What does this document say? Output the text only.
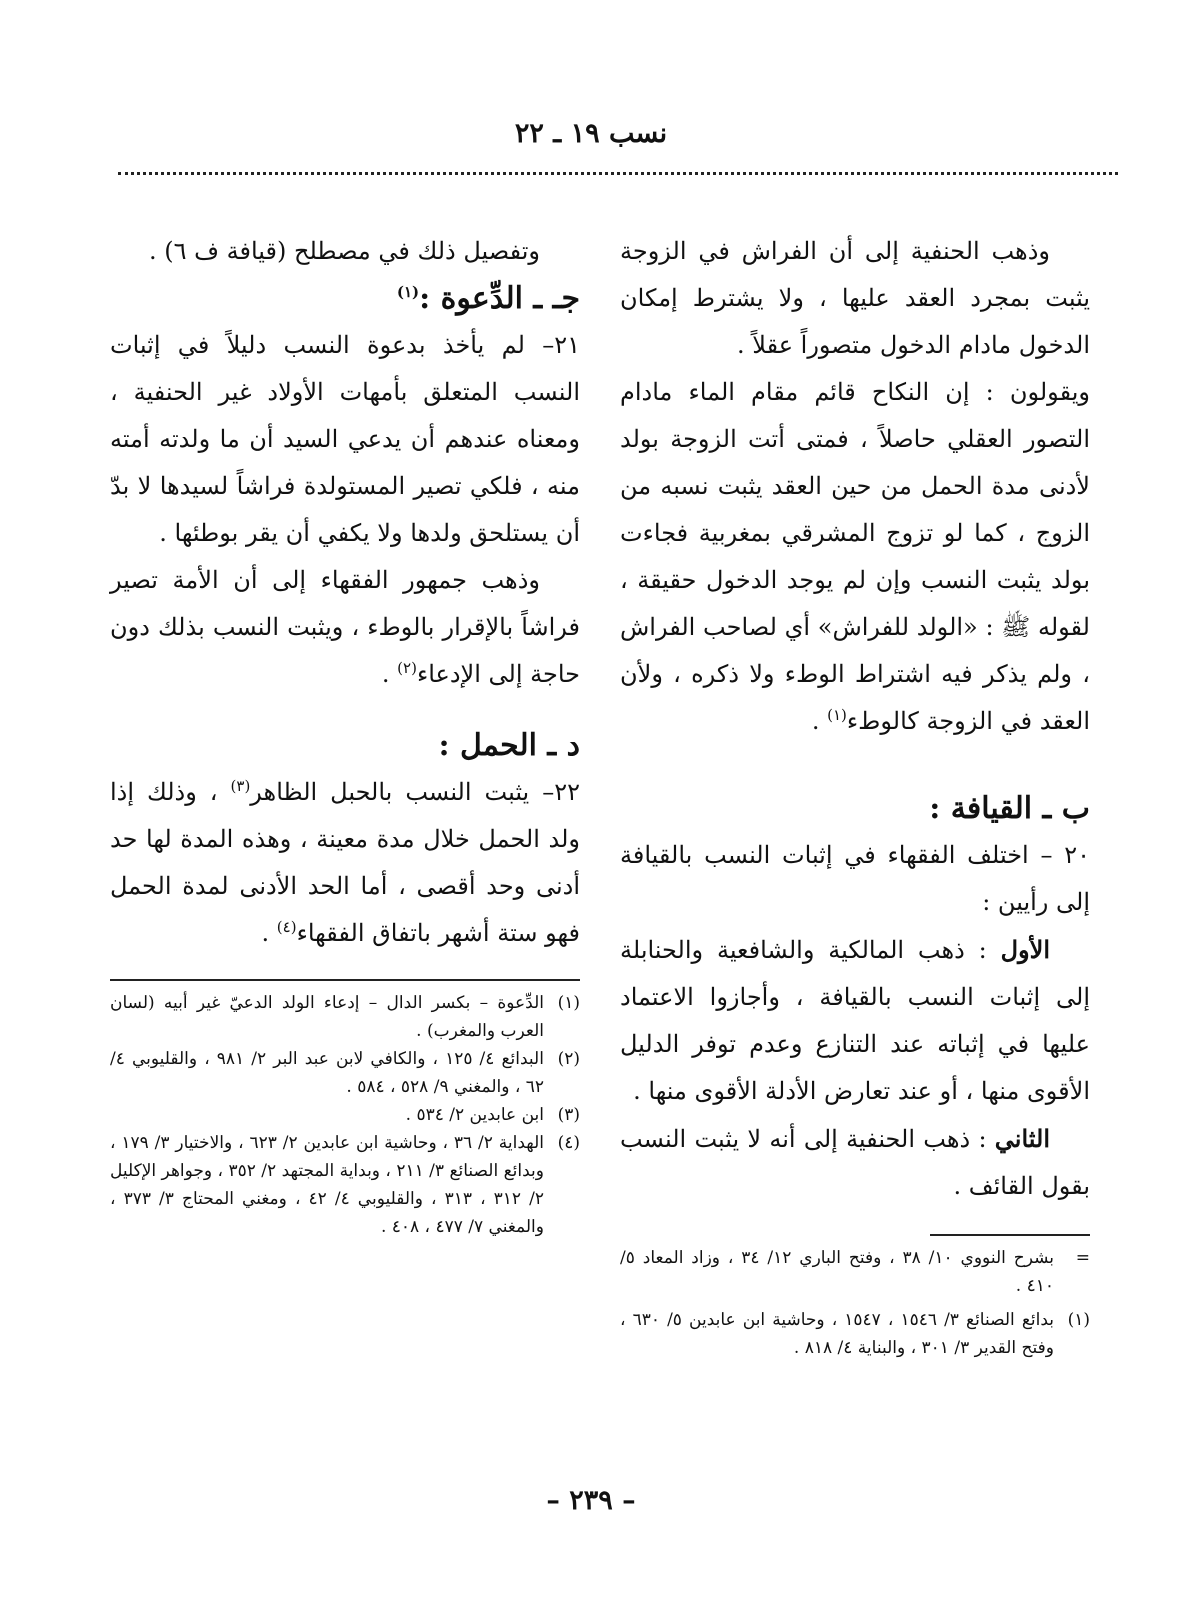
نسب ١٩ ـ ٢٢

وذهب الحنفية إلى أن الفراش في الزوجة يثبت بمجرد العقد عليها ، ولا يشترط إمكان الدخول مادام الدخول متصوراً عقلاً .

ويقولون : إن النكاح قائم مقام الماء مادام التصور العقلي حاصلاً ، فمتى أتت الزوجة بولد لأدنى مدة الحمل من حين العقد يثبت نسبه من الزوج ، كما لو تزوج المشرقي بمغربية فجاءت بولد يثبت النسب وإن لم يوجد الدخول حقيقة ، لقوله ﷺ : «الولد للفراش» أي لصاحب الفراش ، ولم يذكر فيه اشتراط الوطء ولا ذكره ، ولأن العقد في الزوجة كالوطء$^{(١)}$ .

ب ـ القيافة :

٢٠ – اختلف الفقهاء في إثبات النسب بالقيافة إلى رأيين :

الأول : ذهب المالكية والشافعية والحنابلة إلى إثبات النسب بالقيافة ، وأجازوا الاعتماد عليها في إثباته عند التنازع وعدم توفر الدليل الأقوى منها ، أو عند تعارض الأدلة الأقوى منها .

الثاني : ذهب الحنفية إلى أنه لا يثبت النسب بقول القائف .

=
بشرح النووي ١٠/ ٣٨ ، وفتح الباري ١٢/ ٣٤ ، وزاد المعاد ٥/ ٤١٠ .
(١)
بدائع الصنائع ٣/ ١٥٤٦ ، ١٥٤٧ ، وحاشية ابن عابدين ٥/ ٦٣٠ ، وفتح القدير ٣/ ٣٠١ ، والبناية ٤/ ٨١٨ .

وتفصيل ذلك في مصطلح (قيافة ف ٦) .

جـ ـ الدِّعوة :$^{(١)}$

٢١– لم يأخذ بدعوة النسب دليلاً في إثبات النسب المتعلق بأمهات الأولاد غير الحنفية ، ومعناه عندهم أن يدعي السيد أن ما ولدته أمته منه ، فلكي تصير المستولدة فراشاً لسيدها لا بدّ أن يستلحق ولدها ولا يكفي أن يقر بوطئها .

وذهب جمهور الفقهاء إلى أن الأمة تصير فراشاً بالإقرار بالوطء ، ويثبت النسب بذلك دون حاجة إلى الإدعاء$^{(٢)}$ .

د ـ الحمل :

٢٢– يثبت النسب بالحبل الظاهر$^{(٣)}$ ، وذلك إذا ولد الحمل خلال مدة معينة ، وهذه المدة لها حد أدنى وحد أقصى ، أما الحد الأدنى لمدة الحمل فهو ستة أشهر باتفاق الفقهاء$^{(٤)}$ .

(١)
الدِّعوة – بكسر الدال – إدعاء الولد الدعيّ غير أبيه (لسان العرب والمغرب) .
(٢)
البدائع ٤/ ١٢٥ ، والكافي لابن عبد البر ٢/ ٩٨١ ، والقليوبي ٤/ ٦٢ ، والمغني ٩/ ٥٢٨ ، ٥٨٤ .
(٣)
ابن عابدين ٢/ ٥٣٤ .
(٤)
الهداية ٢/ ٣٦ ، وحاشية ابن عابدين ٢/ ٦٢٣ ، والاختيار ٣/ ١٧٩ ، وبدائع الصنائع ٣/ ٢١١ ، وبداية المجتهد ٢/ ٣٥٢ ، وجواهر الإكليل ٢/ ٣١٢ ، ٣١٣ ، والقليوبي ٤/ ٤٢ ، ومغني المحتاج ٣/ ٣٧٣ ، والمغني ٧/ ٤٧٧ ، ٤٠٨ .
– ٢٣٩ –
